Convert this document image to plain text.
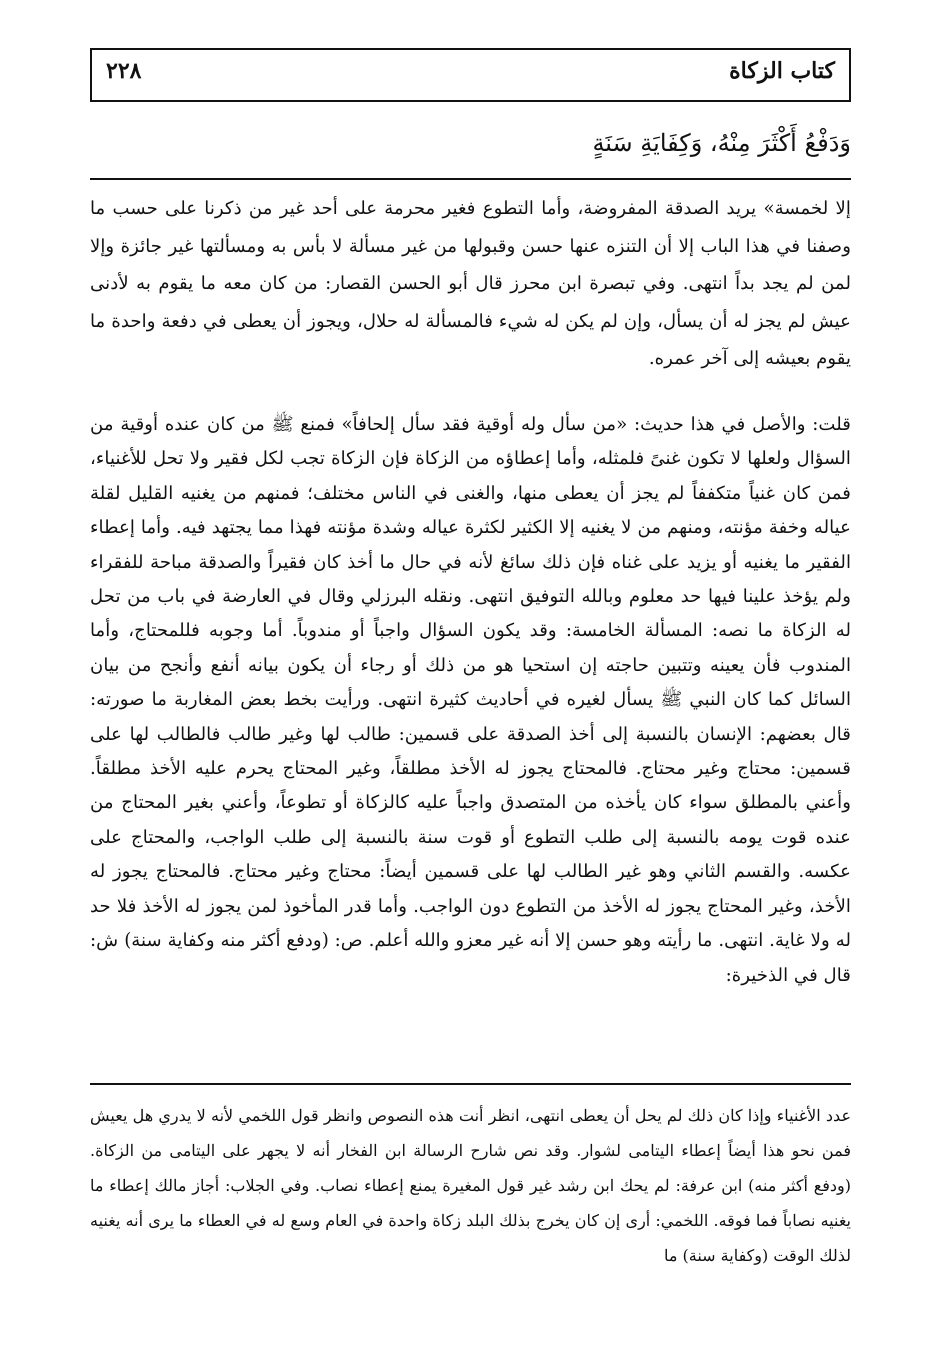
كتاب الزكاة
٢٢٨
وَدَفْعُ أَكْثَرَ مِنْهُ، وَكِفَايَةِ سَنَةٍ

إلا لخمسة» يريد الصدقة المفروضة، وأما التطوع فغير محرمة على أحد غير من ذكرنا على حسب ما وصفنا في هذا الباب إلا أن التنزه عنها حسن وقبولها من غير مسألة لا بأس به ومسألتها غير جائزة وإلا لمن لم يجد بداً انتهى. وفي تبصرة ابن محرز قال أبو الحسن القصار: من كان معه ما يقوم به لأدنى عيش لم يجز له أن يسأل، وإن لم يكن له شيء فالمسألة له حلال، ويجوز أن يعطى في دفعة واحدة ما يقوم بعيشه إلى آخر عمره.

قلت: والأصل في هذا حديث: «من سأل وله أوقية فقد سأل إلحافاً» فمنع ﷺ من كان عنده أوقية من السؤال ولعلها لا تكون غنىً فلمثله، وأما إعطاؤه من الزكاة فإن الزكاة تجب لكل فقير ولا تحل للأغنياء، فمن كان غنياً متكففاً لم يجز أن يعطى منها، والغنى في الناس مختلف؛ فمنهم من يغنيه القليل لقلة عياله وخفة مؤنته، ومنهم من لا يغنيه إلا الكثير لكثرة عياله وشدة مؤنته فهذا مما يجتهد فيه. وأما إعطاء الفقير ما يغنيه أو يزيد على غناه فإن ذلك سائغ لأنه في حال ما أخذ كان فقيراً والصدقة مباحة للفقراء ولم يؤخذ علينا فيها حد معلوم وبالله التوفيق انتهى. ونقله البرزلي وقال في العارضة في باب من تحل له الزكاة ما نصه: المسألة الخامسة: وقد يكون السؤال واجباً أو مندوباً. أما وجوبه فللمحتاج، وأما المندوب فأن يعينه وتتبين حاجته إن استحيا هو من ذلك أو رجاء أن يكون بيانه أنفع وأنجح من بيان السائل كما كان النبي ﷺ يسأل لغيره في أحاديث كثيرة انتهى. ورأيت بخط بعض المغاربة ما صورته: قال بعضهم: الإنسان بالنسبة إلى أخذ الصدقة على قسمين: طالب لها وغير طالب فالطالب لها على قسمين: محتاج وغير محتاج. فالمحتاج يجوز له الأخذ مطلقاً، وغير المحتاج يحرم عليه الأخذ مطلقاً. وأعني بالمطلق سواء كان يأخذه من المتصدق واجباً عليه كالزكاة أو تطوعاً، وأعني بغير المحتاج من عنده قوت يومه بالنسبة إلى طلب التطوع أو قوت سنة بالنسبة إلى طلب الواجب، والمحتاج على عكسه. والقسم الثاني وهو غير الطالب لها على قسمين أيضاً: محتاج وغير محتاج. فالمحتاج يجوز له الأخذ، وغير المحتاج يجوز له الأخذ من التطوع دون الواجب. وأما قدر المأخوذ لمن يجوز له الأخذ فلا حد له ولا غاية. انتهى. ما رأيته وهو حسن إلا أنه غير معزو والله أعلم. ص: (ودفع أكثر منه وكفاية سنة) ش: قال في الذخيرة:

عدد الأغنياء وإذا كان ذلك لم يحل أن يعطى انتهى، انظر أنت هذه النصوص وانظر قول اللخمي لأنه لا يدري هل يعيش فمن نحو هذا أيضاً إعطاء اليتامى لشوار. وقد نص شارح الرسالة ابن الفخار أنه لا يجهر على اليتامى من الزكاة. (ودفع أكثر منه) ابن عرفة: لم يحك ابن رشد غير قول المغيرة يمنع إعطاء نصاب. وفي الجلاب: أجاز مالك إعطاء ما يغنيه نصاباً فما فوقه. اللخمي: أرى إن كان يخرج بذلك البلد زكاة واحدة في العام وسع له في العطاء ما يرى أنه يغنيه لذلك الوقت (وكفاية سنة) ما
